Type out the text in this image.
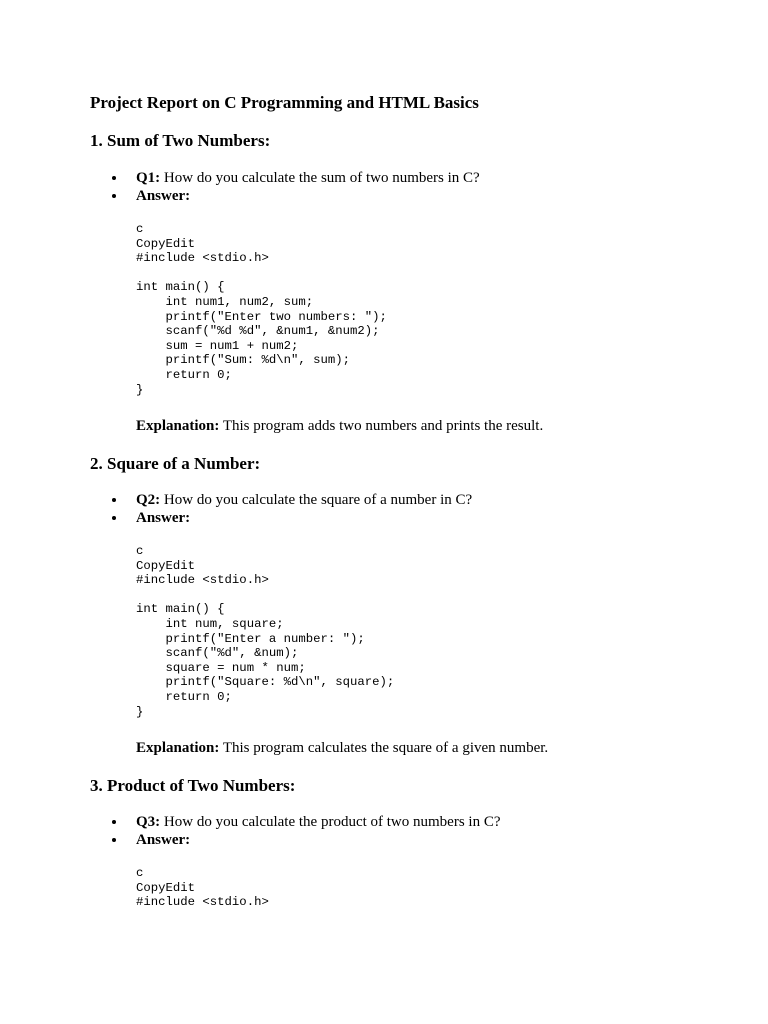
Project Report on C Programming and HTML Basics
1. Sum of Two Numbers:
Q1: How do you calculate the sum of two numbers in C?
Answer:
c
CopyEdit
#include <stdio.h>

int main() {
int num1, num2, sum;
printf("Enter two numbers: ");
scanf("%d %d", &num1, &num2);
sum = num1 + num2;
printf("Sum: %d\n", sum);
return 0;
}

Explanation: This program adds two numbers and prints the result.

2. Square of a Number:
Q2: How do you calculate the square of a number in C?
Answer:
c
CopyEdit
#include <stdio.h>

int main() {
int num, square;
printf("Enter a number: ");
scanf("%d", &num);
square = num * num;
printf("Square: %d\n", square);
return 0;
}

Explanation: This program calculates the square of a given number.

3. Product of Two Numbers:
Q3: How do you calculate the product of two numbers in C?
Answer:
c
CopyEdit
#include <stdio.h>
